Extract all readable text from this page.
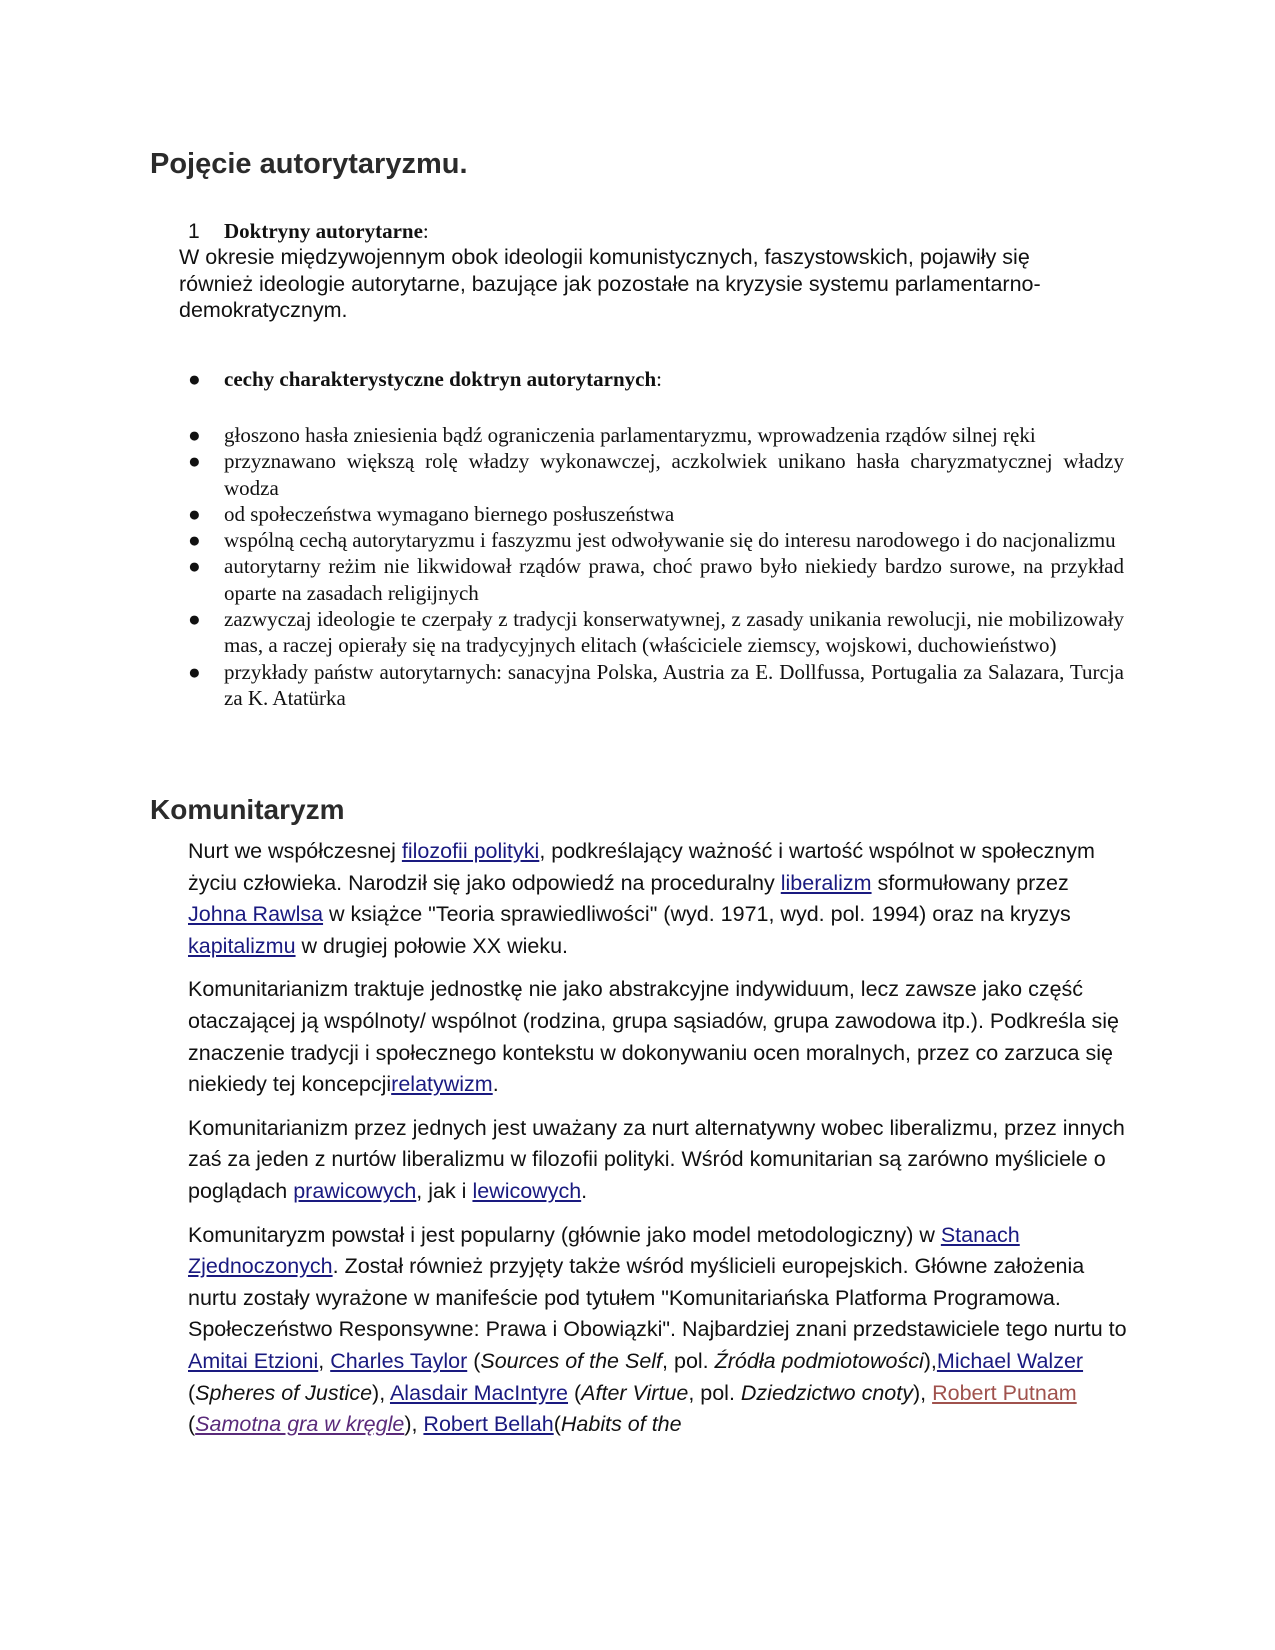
Pojęcie autorytaryzmu.
1 Doktryny autorytarne:

W okresie międzywojennym obok ideologii komunistycznych, faszystowskich, pojawiły się również ideologie autorytarne, bazujące jak pozostałe na kryzysie systemu parlamentarno-demokratycznym.

● cechy charakterystyczne doktryn autorytarnych:
● głoszono hasła zniesienia bądź ograniczenia parlamentaryzmu, wprowadzenia rządów silnej ręki
● przyznawano większą rolę władzy wykonawczej, aczkolwiek unikano hasła charyzmatycznej władzy wodza
● od społeczeństwa wymagano biernego posłuszeństwa
● wspólną cechą autorytaryzmu i faszyzmu jest odwoływanie się do interesu narodowego i do nacjonalizmu
● autorytarny reżim nie likwidował rządów prawa, choć prawo było niekiedy bardzo surowe, na przykład oparte na zasadach religijnych
● zazwyczaj ideologie te czerpały z tradycji konserwatywnej, z zasady unikania rewolucji, nie mobilizowały mas, a raczej opierały się na tradycyjnych elitach (właściciele ziemscy, wojskowi, duchowieństwo)
● przykłady państw autorytarnych: sanacyjna Polska, Austria za E. Dollfussa, Portugalia za Salazara, Turcja za K. Atatürka
Komunitaryzm

Nurt we współczesnej filozofii polityki, podkreślający ważność i wartość wspólnot w społecznym życiu człowieka. Narodził się jako odpowiedź na proceduralny liberalizm sformułowany przez Johna Rawlsa w książce "Teoria sprawiedliwości" (wyd. 1971, wyd. pol. 1994) oraz na kryzys kapitalizmu w drugiej połowie XX wieku.

Komunitarianizm traktuje jednostkę nie jako abstrakcyjne indywiduum, lecz zawsze jako część otaczającej ją wspólnoty/ wspólnot (rodzina, grupa sąsiadów, grupa zawodowa itp.). Podkreśla się znaczenie tradycji i społecznego kontekstu w dokonywaniu ocen moralnych, przez co zarzuca się niekiedy tej koncepcjirelatywizm.

Komunitarianizm przez jednych jest uważany za nurt alternatywny wobec liberalizmu, przez innych zaś za jeden z nurtów liberalizmu w filozofii polityki. Wśród komunitarian są zarówno myśliciele o poglądach prawicowych, jak i lewicowych.

Komunitaryzm powstał i jest popularny (głównie jako model metodologiczny) w Stanach Zjednoczonych. Został również przyjęty także wśród myślicieli europejskich. Główne założenia nurtu zostały wyrażone w manifeście pod tytułem "Komunitariańska Platforma Programowa. Społeczeństwo Responsywne: Prawa i Obowiązki". Najbardziej znani przedstawiciele tego nurtu to Amitai Etzioni, Charles Taylor (Sources of the Self, pol. Źródła podmiotowości),Michael Walzer (Spheres of Justice), Alasdair MacIntyre (After Virtue, pol. Dziedzictwo cnoty), Robert Putnam (Samotna gra w kręgle), Robert Bellah(Habits of the
